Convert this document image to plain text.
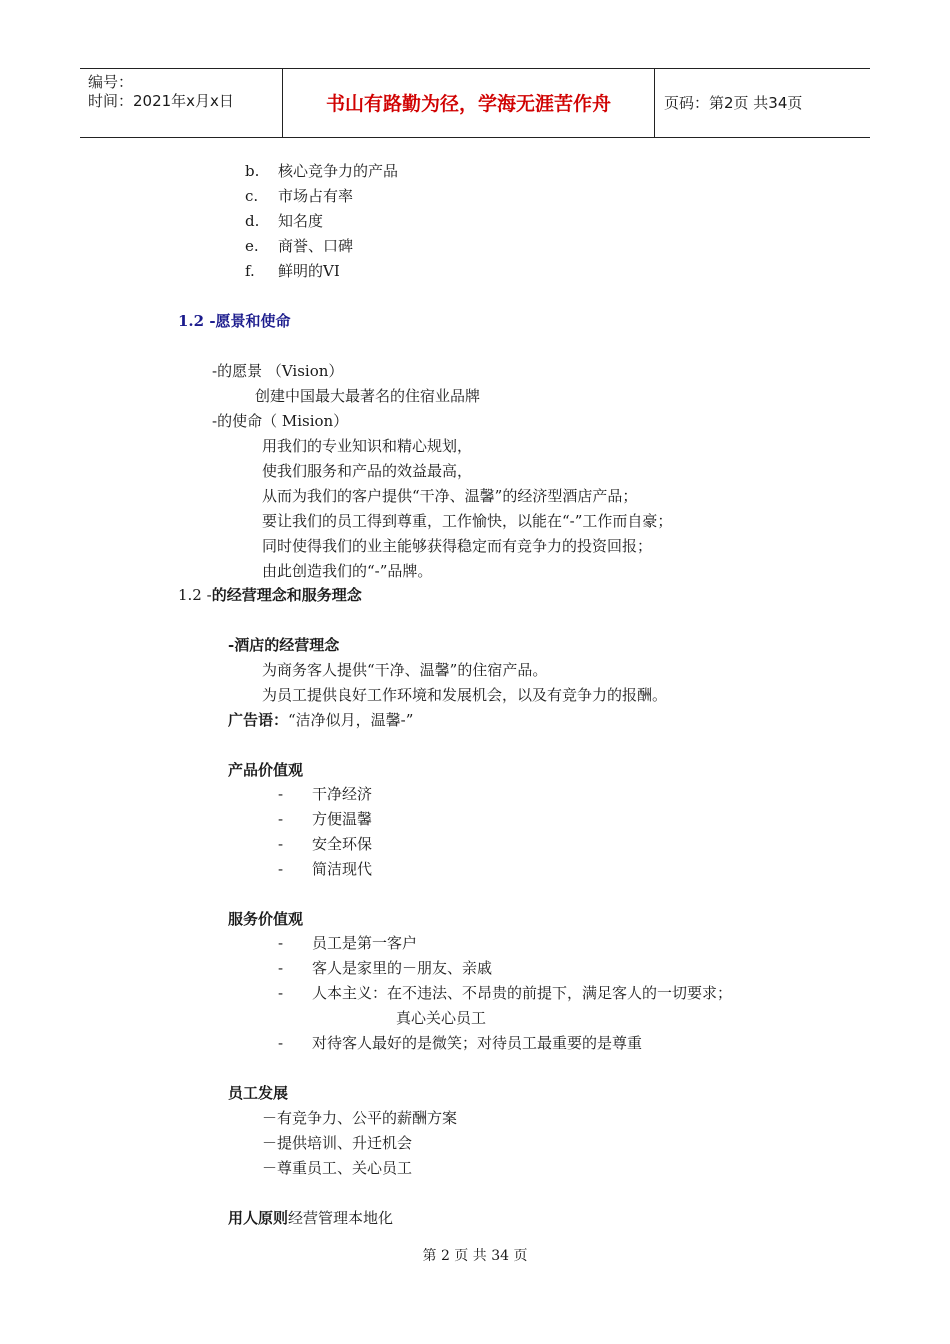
编号：
时间：2021年x月x日	书山有路勤为径，学海无涯苦作舟	页码：第2页 共34页
b. 核心竞争力的产品
c. 市场占有率
d. 知名度
e. 商誉、口碑
f. 鲜明的VI
1.2 -愿景和使命
-的愿景 （Vision）
创建中国最大最著名的住宿业品牌
-的使命（ Mision）
用我们的专业知识和精心规划，
使我们服务和产品的效益最高，
从而为我们的客户提供“干净、温馨”的经济型酒店产品；
要让我们的员工得到尊重，工作愉快，以能在“-”工作而自豪；
同时使得我们的业主能够获得稳定而有竞争力的投资回报；
由此创造我们的“-”品牌。
1.2 -的经营理念和服务理念
-酒店的经营理念
为商务客人提供“干净、温馨”的住宿产品。
为员工提供良好工作环境和发展机会，以及有竞争力的报酬。
广告语：“洁净似月，温馨-”
产品价值观
- 干净经济
- 方便温馨
- 安全环保
- 简洁现代
服务价值观
- 员工是第一客户
- 客人是家里的－朋友、亲戚
- 人本主义：在不违法、不昂贵的前提下，满足客人的一切要求；
真心关心员工
- 对待客人最好的是微笑；对待员工最重要的是尊重
员工发展
－有竞争力、公平的薪酬方案
－提供培训、升迁机会
－尊重员工、关心员工
用人原则经营管理本地化
第 2 页 共 34 页
